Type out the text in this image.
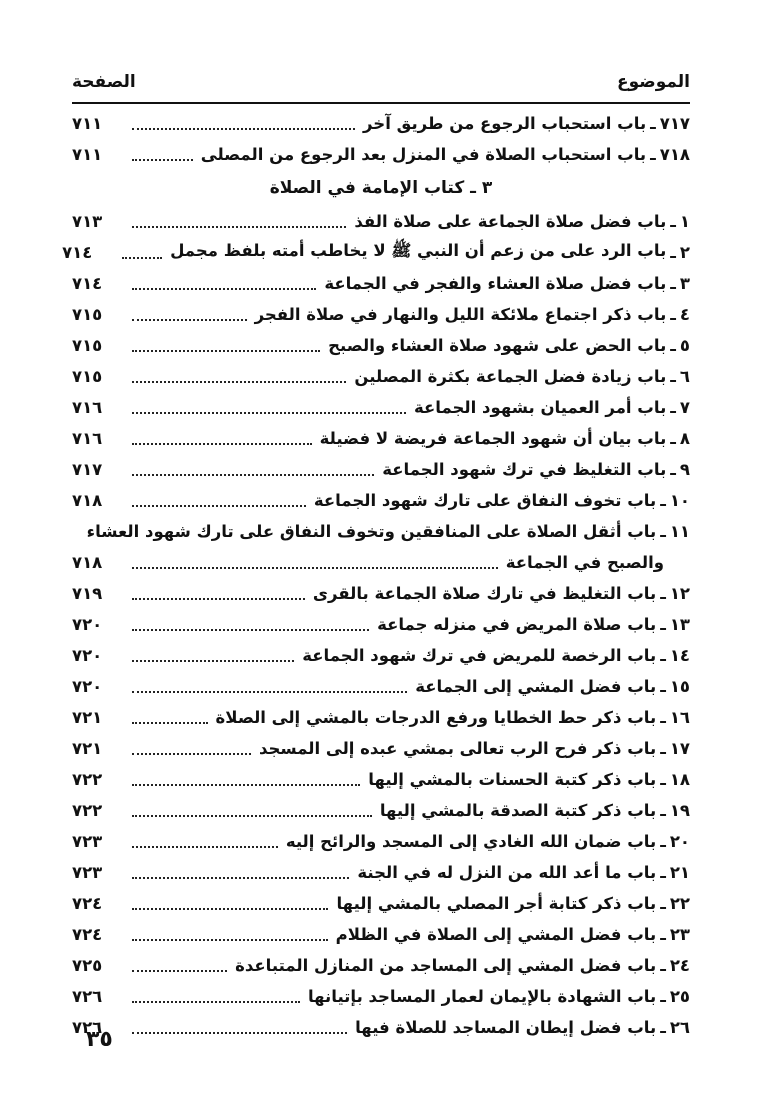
الموضوع
الصفحة
٧١٧
ـ
باب استحباب الرجوع من طريق آخر
٧١١
٧١٨
ـ
باب استحباب الصلاة في المنزل بعد الرجوع من المصلى
٧١١
٣
ـ
كتاب الإمامة في الصلاة
١
ـ
باب فضل صلاة الجماعة على صلاة الفذ
٧١٣
٢
ـ
باب الرد على من زعم أن النبي ﷺ لا يخاطب أمته بلفظ مجمل
٧١٤
٣
ـ
باب فضل صلاة العشاء والفجر في الجماعة
٧١٤
٤
ـ
باب ذكر اجتماع ملائكة الليل والنهار في صلاة الفجر
٧١٥
٥
ـ
باب الحض على شهود صلاة العشاء والصبح
٧١٥
٦
ـ
باب زيادة فضل الجماعة بكثرة المصلين
٧١٥
٧
ـ
باب أمر العميان بشهود الجماعة
٧١٦
٨
ـ
باب بيان أن شهود الجماعة فريضة لا فضيلة
٧١٦
٩
ـ
باب التغليظ في ترك شهود الجماعة
٧١٧
١٠
ـ
باب تخوف النفاق على تارك شهود الجماعة
٧١٨
١١
ـ
باب أثقل الصلاة على المنافقين وتخوف النفاق على تارك شهود العشاء
والصبح في الجماعة
٧١٨
١٢
ـ
باب التغليظ في تارك صلاة الجماعة بالقرى
٧١٩
١٣
ـ
باب صلاة المريض في منزله جماعة
٧٢٠
١٤
ـ
باب الرخصة للمريض في ترك شهود الجماعة
٧٢٠
١٥
ـ
باب فضل المشي إلى الجماعة
٧٢٠
١٦
ـ
باب ذكر حط الخطايا ورفع الدرجات بالمشي إلى الصلاة
٧٢١
١٧
ـ
باب ذكر فرح الرب تعالى بمشي عبده إلى المسجد
٧٢١
١٨
ـ
باب ذكر كتبة الحسنات بالمشي إليها
٧٢٢
١٩
ـ
باب ذكر كتبة الصدقة بالمشي إليها
٧٢٢
٢٠
ـ
باب ضمان الله الغادي إلى المسجد والرائح إليه
٧٢٣
٢١
ـ
باب ما أعد الله من النزل له في الجنة
٧٢٣
٢٢
ـ
باب ذكر كتابة أجر المصلي بالمشي إليها
٧٢٤
٢٣
ـ
باب فضل المشي إلى الصلاة في الظلام
٧٢٤
٢٤
ـ
باب فضل المشي إلى المساجد من المنازل المتباعدة
٧٢٥
٢٥
ـ
باب الشهادة بالإيمان لعمار المساجد بإتيانها
٧٢٦
٢٦
ـ
باب فضل إيطان المساجد للصلاة فيها
٧٢٦
٣٥
